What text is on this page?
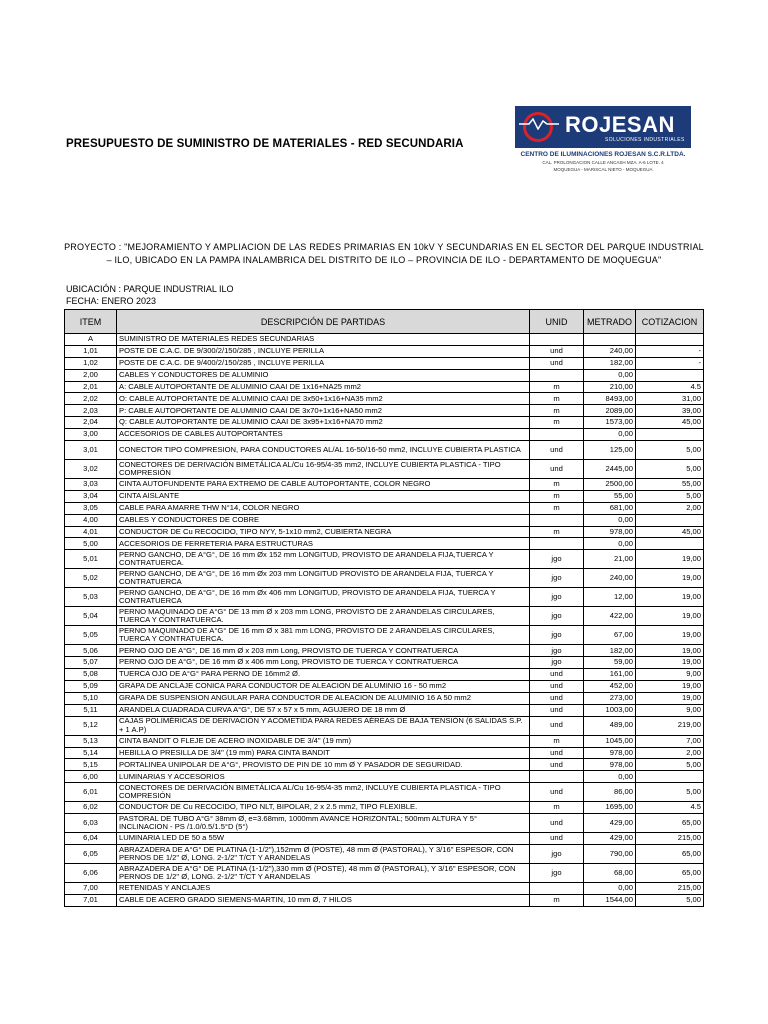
PRESUPUESTO DE SUMINISTRO DE MATERIALES - RED SECUNDARIA
ROJESAN
SOLUCIONES INDUSTRIALES
CENTRO DE ILUMINACIONES ROJESAN S.C.R.LTDA.
CAL. PROLONGACION CALLE ANCASH MZA. A-6 LOTE. 4
MOQUEGUA - MARISCAL NIETO - MOQUEGUA
PROYECTO : "MEJORAMIENTO Y AMPLIACION DE LAS REDES PRIMARIAS EN 10kV Y SECUNDARIAS EN EL SECTOR DEL PARQUE INDUSTRIAL – ILO, UBICADO EN LA PAMPA INALAMBRICA DEL DISTRITO DE ILO – PROVINCIA DE ILO - DEPARTAMENTO DE MOQUEGUA"
UBICACIÓN : PARQUE INDUSTRIAL ILO
FECHA: ENERO 2023
ITEM	DESCRIPCIÓN DE PARTIDAS	UNID	METRADO	COTIZACION
A	SUMINISTRO DE MATERIALES REDES SECUNDARIAS			
1,01	POSTE DE C.A.C. DE 9/300/2/150/285 , INCLUYE PERILLA	und	240,00	-
1,02	POSTE DE C.A.C. DE 9/400/2/150/285 , INCLUYE PERILLA	und	182,00	-
2,00	CABLES Y CONDUCTORES DE ALUMINIO		0,00	
2,01	A: CABLE AUTOPORTANTE DE ALUMINIO CAAI DE 1x16+NA25 mm2	m	210,00	4.5
2,02	O: CABLE AUTOPORTANTE DE ALUMINIO CAAI DE 3x50+1x16+NA35 mm2	m	8493,00	31,00
2,03	P: CABLE AUTOPORTANTE DE ALUMINIO CAAI DE 3x70+1x16+NA50 mm2	m	2089,00	39,00
2,04	Q: CABLE AUTOPORTANTE DE ALUMINIO CAAI DE 3x95+1x16+NA70 mm2	m	1573,00	45,00
3,00	ACCESORIOS DE CABLES AUTOPORTANTES		0,00	
3,01	CONECTOR TIPO COMPRESION, PARA CONDUCTORES AL/AL 16-50/16-50 mm2, INCLUYE CUBIERTA PLASTICA	und	125,00	5,00
3,02	CONECTORES DE DERIVACIÓN BIMETÁLICA AL/Cu 16-95/4-35 mm2, INCLUYE CUBIERTA PLASTICA - TIPO COMPRESIÓN	und	2445,00	5,00
3,03	CINTA AUTOFUNDENTE PARA EXTREMO DE CABLE AUTOPORTANTE, COLOR NEGRO	m	2500,00	55,00
3,04	CINTA AISLANTE	m	55,00	5,00
3,05	CABLE PARA AMARRE THW N°14, COLOR NEGRO	m	681,00	2,00
4,00	CABLES Y CONDUCTORES DE COBRE		0,00	
4,01	CONDUCTOR DE Cu RECOCIDO, TIPO NYY, 5-1x10 mm2, CUBIERTA NEGRA	m	978,00	45,00
5,00	ACCESORIOS DE FERRETERIA PARA ESTRUCTURAS		0,00	
5,01	PERNO GANCHO, DE A°G°, DE 16 mm Øx 152 mm LONGITUD, PROVISTO DE ARANDELA FIJA,TUERCA Y CONTRATUERCA.	jgo	21,00	19,00
5,02	PERNO GANCHO, DE A°G°, DE 16 mm Øx 203 mm LONGITUD PROVISTO DE ARANDELA FIJA, TUERCA Y CONTRATUERCA	jgo	240,00	19,00
5,03	PERNO GANCHO, DE A°G°, DE 16 mm Øx 406 mm LONGITUD, PROVISTO DE ARANDELA FIJA, TUERCA Y CONTRATUERCA	jgo	12,00	19,00
5,04	PERNO MAQUINADO DE A°G° DE 13 mm Ø x 203 mm LONG, PROVISTO DE 2 ARANDELAS CIRCULARES, TUERCA Y CONTRATUERCA.	jgo	422,00	19,00
5,05	PERNO MAQUINADO DE A°G° DE 16 mm Ø x 381 mm LONG, PROVISTO DE 2 ARANDELAS CIRCULARES, TUERCA Y CONTRATUERCA.	jgo	67,00	19,00
5,06	PERNO OJO DE A°G°, DE 16 mm Ø x 203 mm Long, PROVISTO DE TUERCA Y CONTRATUERCA	jgo	182,00	19,00
5,07	PERNO OJO DE A°G°, DE 16 mm Ø x 406 mm Long, PROVISTO DE TUERCA Y CONTRATUERCA	jgo	59,00	19,00
5,08	TUERCA OJO DE A°G° PARA PERNO DE 16mm2 Ø.	und	161,00	9,00
5,09	GRAPA DE ANCLAJE CONICA PARA CONDUCTOR DE ALEACION DE ALUMINIO 16 - 50 mm2	und	452,00	19,00
5,10	GRAPA DE SUSPENSION ANGULAR PARA CONDUCTOR DE ALEACION DE ALUMINIO 16 A 50 mm2	und	273,00	19,00
5,11	ARANDELA CUADRADA CURVA A°G°, DE 57 x 57 x 5 mm, AGUJERO DE 18 mm Ø	und	1003,00	9,00
5,12	CAJAS POLIMÉRICAS DE DERIVACIÓN Y ACOMETIDA PARA REDES AÉREAS DE BAJA TENSIÓN (6 SALIDAS S.P. + 1 A.P)	und	489,00	219,00
5,13	CINTA BANDIT O FLEJE DE ACERO INOXIDABLE DE 3/4" (19 mm)	m	1045,00	7,00
5,14	HEBILLA O PRESILLA DE 3/4" (19 mm) PARA CINTA BANDIT	und	978,00	2,00
5,15	PORTALINEA UNIPOLAR DE A°G°, PROVISTO DE PIN DE 10 mm Ø Y PASADOR DE SEGURIDAD.	und	978,00	5,00
6,00	LUMINARIAS Y ACCESORIOS		0,00	
6,01	CONECTORES DE DERIVACIÓN BIMETÁLICA AL/Cu 16-95/4-35 mm2, INCLUYE CUBIERTA PLASTICA - TIPO COMPRESIÓN	und	86,00	5,00
6,02	CONDUCTOR DE Cu RECOCIDO, TIPO NLT, BIPOLAR, 2 x 2.5 mm2, TIPO FLEXIBLE.	m	1695,00	4.5
6,03	PASTORAL DE TUBO A°G° 38mm Ø, e=3.68mm, 1000mm AVANCE HORIZONTAL; 500mm ALTURA Y 5° INCLINACION - PS /1.0/0.5/1.5°D (5°)	und	429,00	65,00
6,04	LUMINARIA LED DE 50 a 55W	und	429,00	215,00
6,05	ABRAZADERA DE A°G° DE PLATINA (1-1/2"),152mm Ø (POSTE), 48 mm Ø (PASTORAL), Y 3/16" ESPESOR, CON PERNOS DE 1/2" Ø, LONG. 2-1/2" T/CT Y ARANDELAS	jgo	790,00	65,00
6,06	ABRAZADERA DE A°G° DE PLATINA (1-1/2"),330 mm Ø (POSTE), 48 mm Ø (PASTORAL), Y 3/16" ESPESOR, CON PERNOS DE 1/2" Ø, LONG. 2-1/2" T/CT Y ARANDELAS	jgo	68,00	65,00
7,00	RETENIDAS Y ANCLAJES		0,00	215,00
7,01	CABLE DE ACERO GRADO SIEMENS-MARTIN, 10 mm Ø, 7 HILOS	m	1544,00	5,00
